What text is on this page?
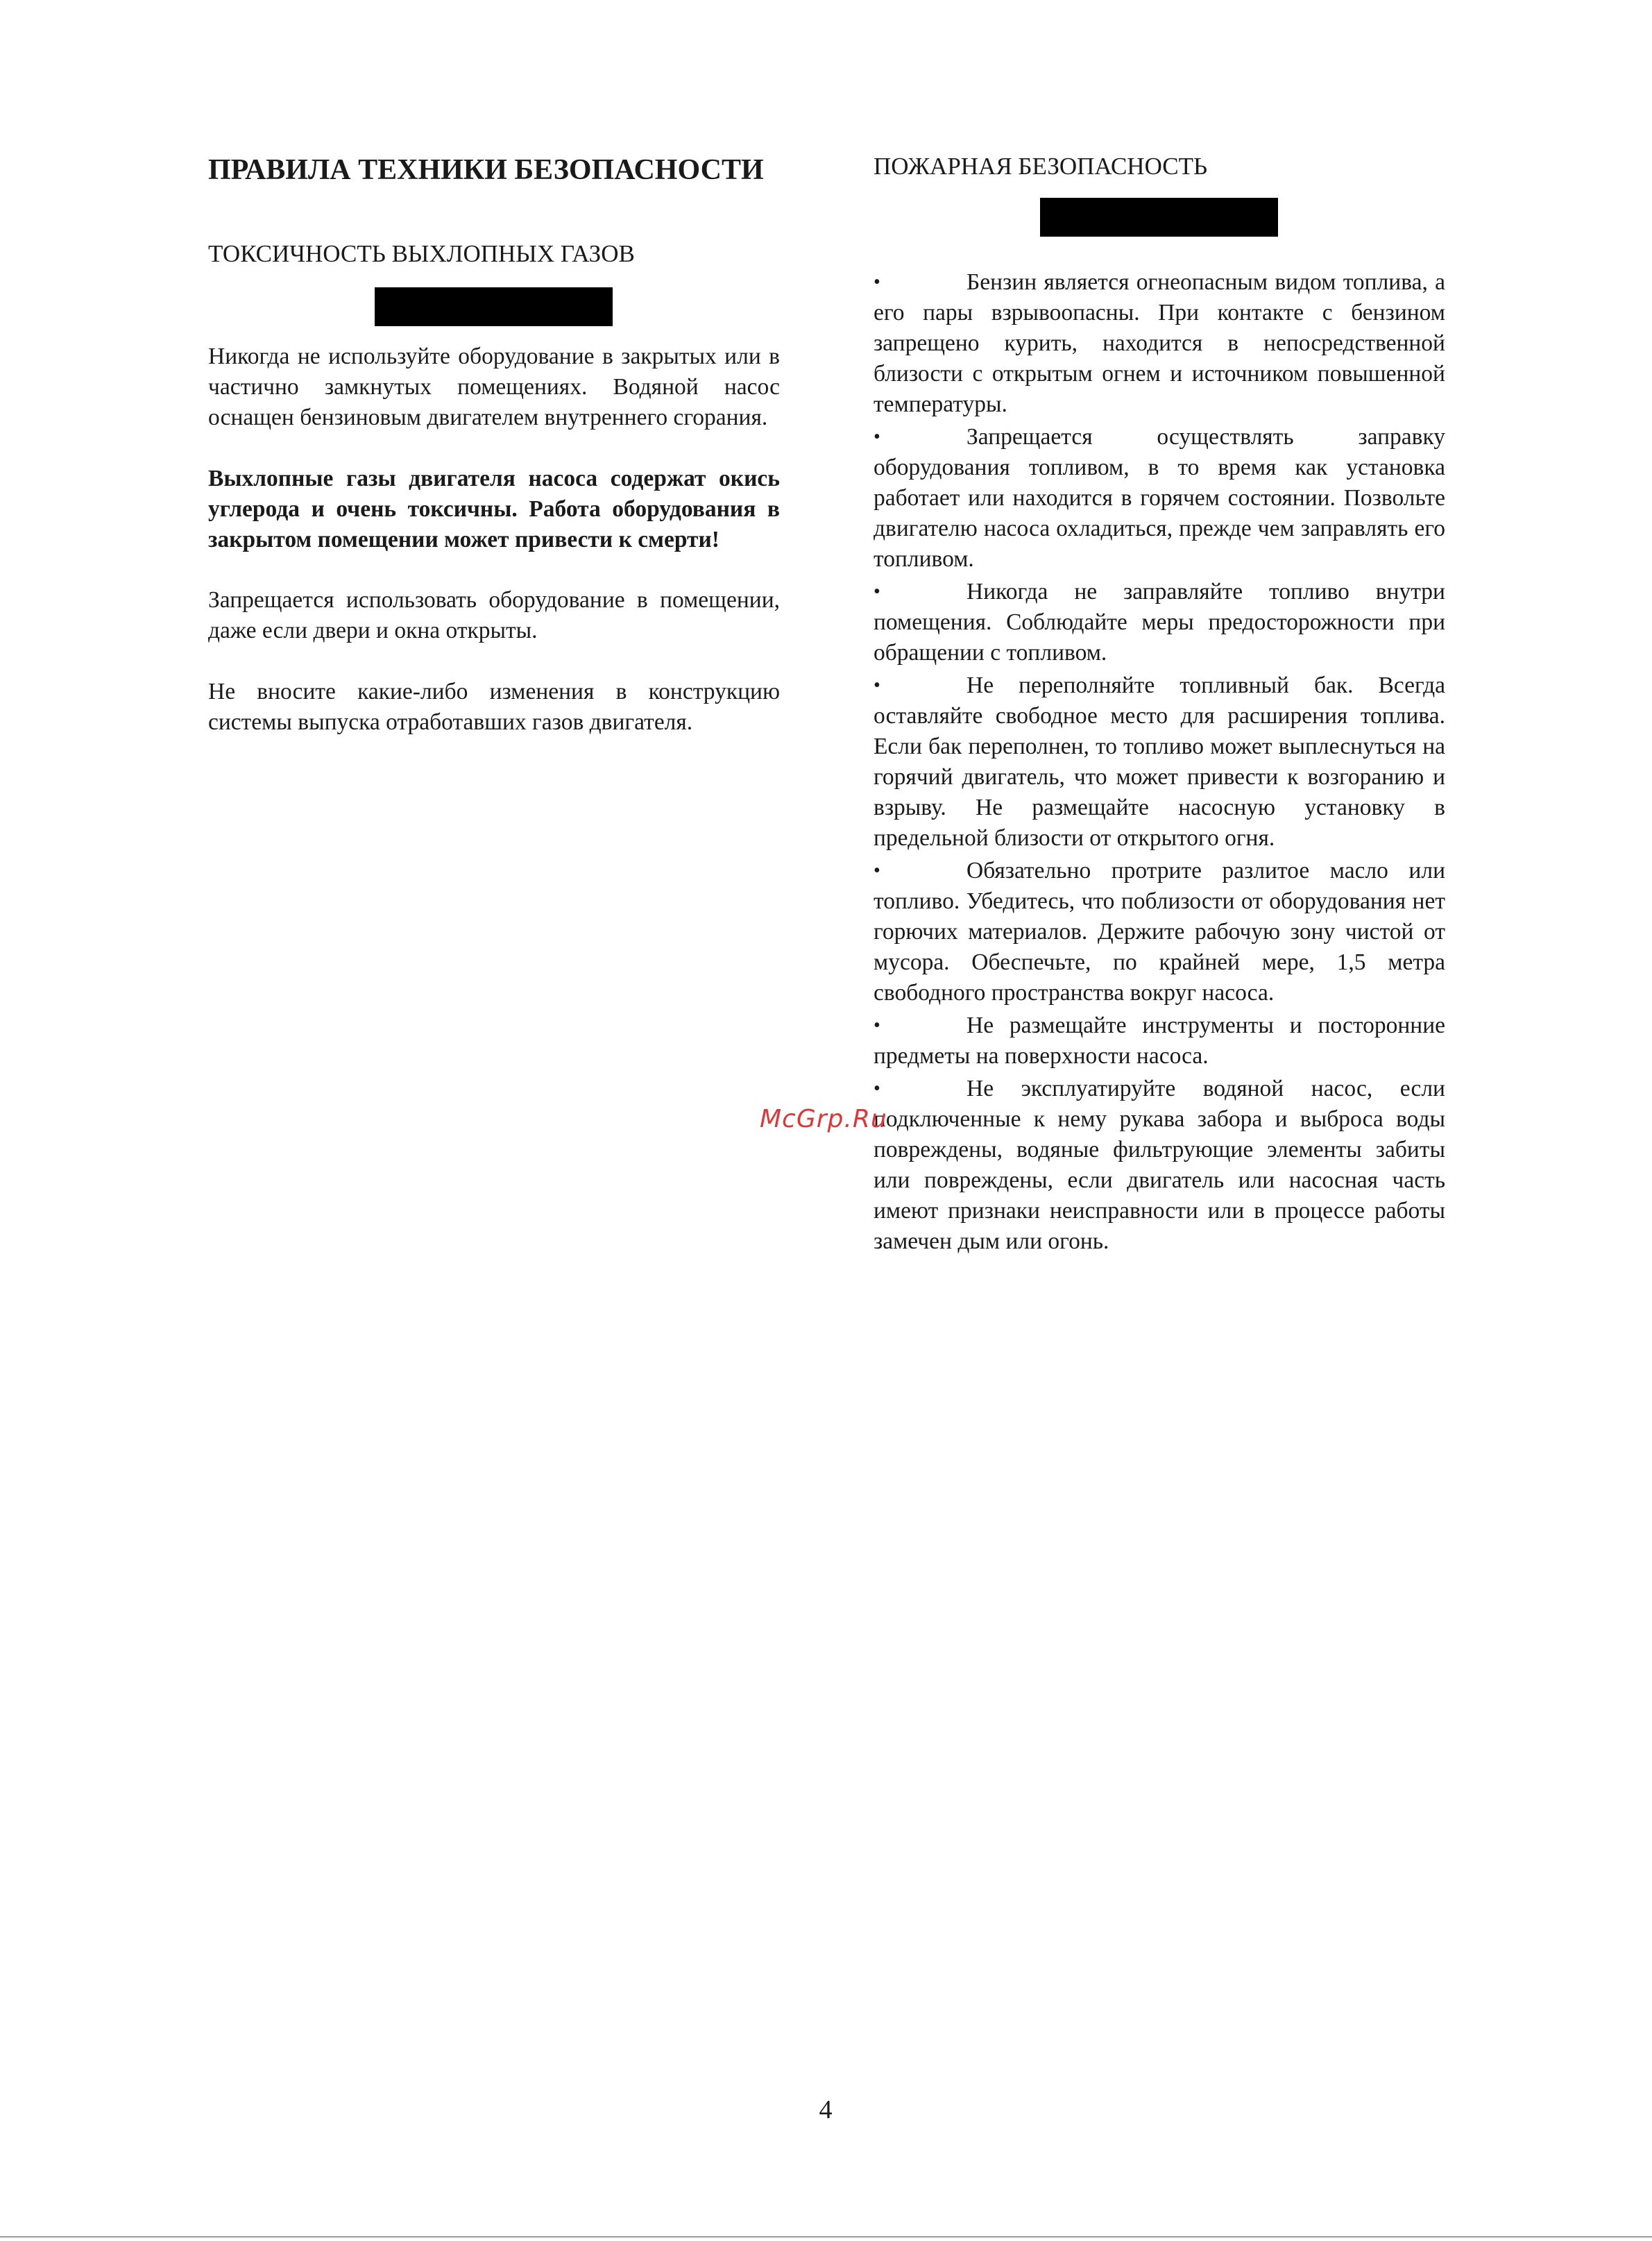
ПРАВИЛА ТЕХНИКИ БЕЗОПАСНОСТИ
ТОКСИЧНОСТЬ ВЫХЛОПНЫХ ГАЗОВ

Никогда не используйте оборудование в закрытых или в частично замкнутых помещениях. Водяной насос оснащен бензиновым двигателем внутреннего сгорания.

Выхлопные газы двигателя насоса содержат окись углерода и очень токсичны. Работа оборудования в закрытом помещении может привести к смерти!

Запрещается использовать оборудование в помещении, даже если двери и окна открыты.

Не вносите какие-либо изменения в конструкцию системы выпуска отработавших газов двигателя.

ПОЖАРНАЯ БЕЗОПАСНОСТЬ
•	Бензин является огнеопасным видом топлива, а его пары взрывоопасны. При контакте с бензином запрещено курить, находится в непосредственной близости с открытым огнем и источником повышенной температуры.
•	Запрещается осуществлять заправку оборудования топливом, в то время как установка работает или находится в горячем состоянии. Позвольте двигателю насоса охладиться, прежде чем заправлять его топливом.
•	Никогда не заправляйте топливо внутри помещения. Соблюдайте меры предосторожности при обращении с топливом.
•	Не переполняйте топливный бак. Всегда оставляйте свободное место для расширения топлива. Если бак переполнен, то топливо может выплеснуться на горячий двигатель, что может привести к возгоранию и взрыву. Не размещайте насосную установку в предельной близости от открытого огня.
•	Обязательно протрите разлитое масло или топливо. Убедитесь, что поблизости от оборудования нет горючих материалов. Держите рабочую зону чистой от мусора. Обеспечьте, по крайней мере, 1,5 метра свободного пространства вокруг насоса.
•	Не размещайте инструменты и посторонние предметы на поверхности насоса.
•	Не эксплуатируйте водяной насос, если подключенные к нему рукава забора и выброса воды повреждены, водяные фильтрующие элементы забиты или повреждены, если двигатель или насосная часть имеют признаки неисправности или в процессе работы замечен дым или огонь.
McGrp.Ru
4
